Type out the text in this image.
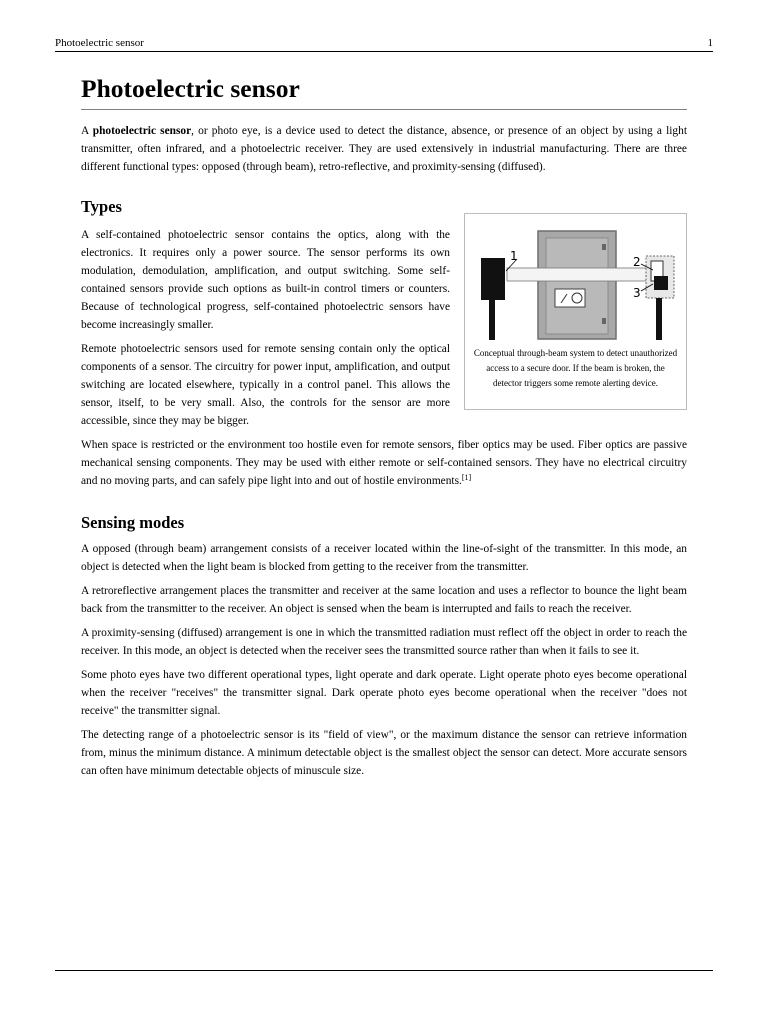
Photoelectric sensor	1
Photoelectric sensor

A photoelectric sensor, or photo eye, is a device used to detect the distance, absence, or presence of an object by using a light transmitter, often infrared, and a photoelectric receiver. They are used extensively in industrial manufacturing. There are three different functional types: opposed (through beam), retro-reflective, and proximity-sensing (diffused).

Types

A self-contained photoelectric sensor contains the optics, along with the electronics. It requires only a power source. The sensor performs its own modulation, demodulation, amplification, and output switching. Some self-contained sensors provide such options as built-in control timers or counters. Because of technological progress, self-contained photoelectric sensors have become increasingly smaller.

Remote photoelectric sensors used for remote sensing contain only the optical components of a sensor. The circuitry for power input, amplification, and output switching are located elsewhere, typically in a control panel. This allows the sensor, itself, to be very small. Also, the controls for the sensor are more accessible, since they may be bigger.

When space is restricted or the environment too hostile even for remote sensors, fiber optics may be used. Fiber optics are passive mechanical sensing components. They may be used with either remote or self-contained sensors. They have no electrical circuitry and no moving parts, and can safely pipe light into and out of hostile environments.[1]

Sensing modes

A opposed (through beam) arrangement consists of a receiver located within the line-of-sight of the transmitter. In this mode, an object is detected when the light beam is blocked from getting to the receiver from the transmitter.

A retroreflective arrangement places the transmitter and receiver at the same location and uses a reflector to bounce the light beam back from the transmitter to the receiver. An object is sensed when the beam is interrupted and fails to reach the receiver.

A proximity-sensing (diffused) arrangement is one in which the transmitted radiation must reflect off the object in order to reach the receiver. In this mode, an object is detected when the receiver sees the transmitted source rather than when it fails to see it.

Some photo eyes have two different operational types, light operate and dark operate. Light operate photo eyes become operational when the receiver "receives" the transmitter signal. Dark operate photo eyes become operational when the receiver "does not receive" the transmitter signal.

The detecting range of a photoelectric sensor is its "field of view", or the maximum distance the sensor can retrieve information from, minus the minimum distance. A minimum detectable object is the smallest object the sensor can detect. More accurate sensors can often have minimum detectable objects of minuscule size.

1	2
3
Conceptual through-beam system to detect unauthorized access to a secure door. If the beam is broken, the detector triggers some remote alerting device.
